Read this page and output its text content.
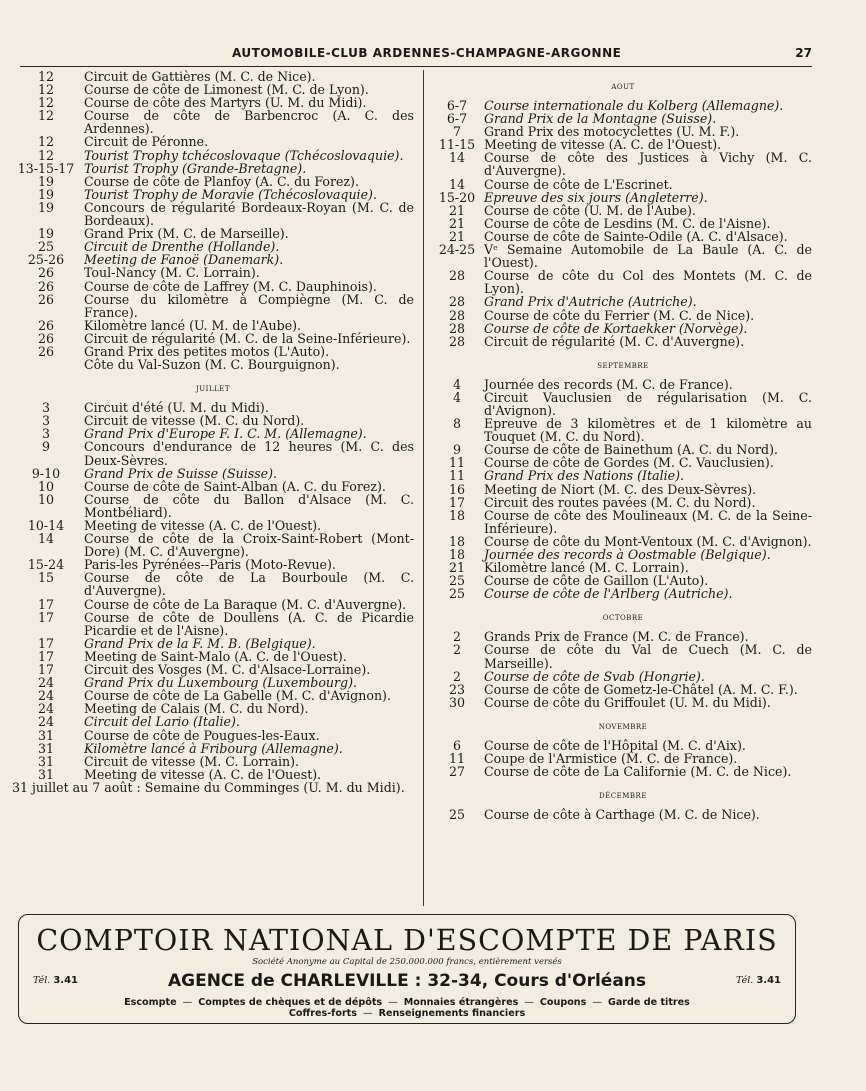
AUTOMOBILE-CLUB ARDENNES-CHAMPAGNE-ARGONNE	27
12	Circuit de Gattières (M. C. de Nice).
12	Course de côte de Limonest (M. C. de Lyon).
12	Course de côte des Martyrs (U. M. du Midi).
12	Course de côte de Barbencroc (A. C. des Ardennes).
12	Circuit de Péronne.
12	Tourist Trophy tchécoslovaque (Tchécoslovaquie).
13-15-17 Tourist Trophy (Grande-Bretagne).
19	Course de côte de Planfoy (A. C. du Forez).
19	Tourist Trophy de Moravie (Tchécoslovaquie).
19	Concours de régularité Bordeaux-Royan (M. C. de Bordeaux).
19	Grand Prix (M. C. de Marseille).
25	Circuit de Drenthe (Hollande).
25-26	Meeting de Fanoë (Danemark).
26	Toul-Nancy (M. C. Lorrain).
26	Course de côte de Laffrey (M. C. Dauphinois).
26	Course du kilomètre à Compiègne (M. C. de France).
26	Kilomètre lancé (U. M. de l'Aube).
26	Circuit de régularité (M. C. de la Seine-Inférieure).
26	Grand Prix des petites motos (L'Auto).
Côte du Val-Suzon (M. C. Bourguignon).
juillet
3	Circuit d'été (U. M. du Midi).
3	Circuit de vitesse (M. C. du Nord).
3	Grand Prix d'Europe F. I. C. M. (Allemagne).
9	Concours d'endurance de 12 heures (M. C. des Deux-Sèvres.
9-10	Grand Prix de Suisse (Suisse).
10	Course de côte de Saint-Alban (A. C. du Forez).
10	Course de côte du Ballon d'Alsace (M. C. Montbéliard).
10-14	Meeting de vitesse (A. C. de l'Ouest).
14	Course de côte de la Croix-Saint-Robert (Mont-Dore) (M. C. d'Auvergne).
15-24	Paris-les Pyrénées--Paris (Moto-Revue).
15	Course de côte de La Bourboule (M. C. d'Auvergne).
17	Course de côte de La Baraque (M. C. d'Auvergne).
17	Course de côte de Doullens (A. C. de Picardie Picardie et de l'Aisne).
17	Grand Prix de la F. M. B. (Belgique).
17	Meeting de Saint-Malo (A. C. de l'Ouest).
17	Circuit des Vosges (M. C. d'Alsace-Lorraine).
24	Grand Prix du Luxembourg (Luxembourg).
24	Course de côte de La Gabelle (M. C. d'Avignon).
24	Meeting de Calais (M. C. du Nord).
24	Circuit del Lario (Italie).
31	Course de côte de Pougues-les-Eaux.
31	Kilomètre lancé à Fribourg (Allemagne).
31	Circuit de vitesse (M. C. Lorrain).
31	Meeting de vitesse (A. C. de l'Ouest).
31 juillet au 7 août : Semaine du Comminges (U. M. du Midi).
aout
6-7	Course internationale du Kolberg (Allemagne).
6-7	Grand Prix de la Montagne (Suisse).
7	Grand Prix des motocyclettes (U. M. F.).
11-15 Meeting de vitesse (A. C. de l'Ouest).
14	Course de côte des Justices à Vichy (M. C. d'Auvergne).
14	Course de côte de L'Escrinet.
15-20 Epreuve des six jours (Angleterre).
21	Course de côte (U. M. de l'Aube).
21	Course de côte de Lesdins (M. C. de l'Aisne).
21	Course de côte de Sainte-Odile (A. C. d'Alsace).
24-25 Vᵉ Semaine Automobile de La Baule (A. C. de l'Ouest).
28	Course de côte du Col des Montets (M. C. de Lyon).
28	Grand Prix d'Autriche (Autriche).
28	Course de côte du Ferrier (M. C. de Nice).
28	Course de côte de Kortaekker (Norvège).
28	Circuit de régularité (M. C. d'Auvergne).
septembre
4	Journée des records (M. C. de France).
4	Circuit Vauclusien de régularisation (M. C. d'Avignon).
8	Epreuve de 3 kilomètres et de 1 kilomètre au Touquet (M. C. du Nord).
9	Course de côte de Bainethum (A. C. du Nord).
11	Course de côte de Gordes (M. C. Vauclusien).
11	Grand Prix des Nations (Italie).
16	Meeting de Niort (M. C. des Deux-Sèvres).
17	Circuit des routes pavées (M. C. du Nord).
18	Course de côte des Moulineaux (M. C. de la Seine-Inférieure).
18	Course de côte du Mont-Ventoux (M. C. d'Avignon).
18	Journée des records à Oostmable (Belgique).
21	Kilomètre lancé (M. C. Lorrain).
25	Course de côte de Gaillon (L'Auto).
25	Course de côte de l'Arlberg (Autriche).
octobre
2	Grands Prix de France (M. C. de France).
2	Course de côte du Val de Cuech (M. C. de Marseille).
2	Course de côte de Svab (Hongrie).
23	Course de côte de Gometz-le-Châtel (A. M. C. F.).
30	Course de côte du Griffoulet (U. M. du Midi).
novembre
6	Course de côte de l'Hôpital (M. C. d'Aix).
11	Coupe de l'Armistice (M. C. de France).
27	Course de côte de La Californie (M. C. de Nice).
décembre
25	Course de côte à Carthage (M. C. de Nice).
COMPTOIR NATIONAL D'ESCOMPTE DE PARIS
Société Anonyme au Capital de 250.000.000 francs, entièrement versés
Tél. 3.41	AGENCE de CHARLEVILLE : 32-34, Cours d'Orléans	Tél. 3.41
Escompte — Comptes de chèques et de dépôts — Monnaies étrangères — Coupons — Garde de titres
Coffres-forts — Renseignements financiers
